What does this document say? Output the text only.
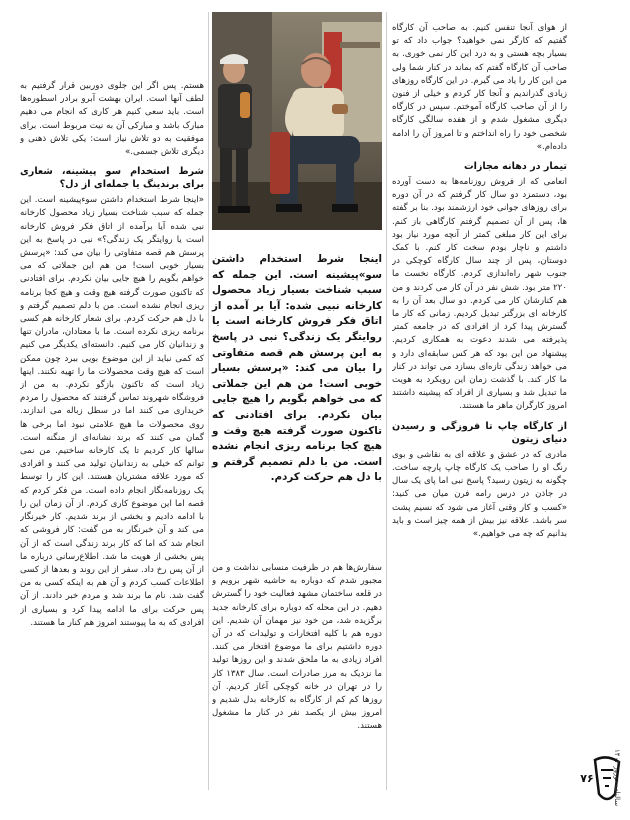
اینجا شرط استخدام داشتن سو»پیشینه است. این جمله که سبب شناخت بسیار زیاد محصول کارخانه نبیی شده: آیا بر آمده از اتاق فکر فروش کارخانه است یا روایتگر یک زندگی؟ نبی در پاسخ به این پرسش هم قصه متفاوتی را بیان می کند: «پرسش بسیار خوبی است! من هم این جملاتی که می خواهم بگویم را هیچ جایی بیان نکردم. برای افتادنی که تاکنون صورت گرفته هیچ وقت و هیچ کجا برنامه ریزی انجام نشده است. من با دلم تصمیم گرفتم و با دل هم حرکت کردم.

هستم. پس اگر این جلوی دوربین قرار گرفتیم به لطف آنها است. ایران بهشت آبرو برادر اسطوره‌ها است. باید سعی کنیم هر کاری که انجام می دهیم مبارک باشد و مبارکی آن به نیت مربوط است. برای موفقیت به دو تلاش نیاز است: یکی تلاش ذهنی و دیگری تلاش جسمی.»

شرط استخدام سو پیشینه، شعاری برای برندینگ یا جمله‌ای از دل؟

«اینجا شرط استخدام داشتن سوءپیشینه است. این جمله که سبب شناخت بسیار زیاد محصول کارخانه نبی شده آیا برآمده از اتاق فکر فروش کارخانه است یا روایتگر یک زندگی؟» نبی در پاسخ به این پرسش هم قصه متفاوتی را بیان می کند: «پرسش بسیار خوبی است! من هم این جملاتی که می خواهم بگویم را هیچ جایی بیان نکردم. برای افتادنی که تاکنون صورت گرفته هیچ وقت و هیچ کجا برنامه ریزی انجام نشده است. من با دلم تصمیم گرفتم و با دل هم حرکت کردم. برای شعار کارخانه هم کسی برنامه ریزی نکرده است. ما با معتادان، مادران تنها و زندانیان کار می کنیم. دانسته‌ای یکدیگر می کنیم که کمی نباید از این موضوع بویی ببرد چون ممکن است که هیچ وقت محصولات ما را تهیه نکنند. اینها زیاد است که تاکنون بازگو نکردم. به من از فروشگاه شهروند تماس گرفتند که محصول را مردم خریداری می کنند اما در سطل زباله می اندازند. روی محصولات ما هیچ علامتی نبود اما برخی ها گمان می کنند که برند نشانه‌ای از منگنه است. سالها کار کردیم تا یک کارخانه ساختیم. من نمی توانم که خیلی به زندانیان تولید می کنند و افرادی که مورد علاقه مشتریان هستند. این کار را توسط یک روزنامه‌نگار انجام داده است. من فکر کردم که قصه اما این موضوع کاری کردم. از آن زمان این را با ادامه دادیم و بخشی از برند شدیم. کار خیرنگار می کند و آن خبرنگار به من گفت: کار فروشی که انجام شد که اما که کار برند زندگی است که از آن پس بخشی از هویت ما شد. اطلاع‌رسانی درباره ما از آن پس رخ داد. سفر از این روند و بعدها از کسی اطلاعات کسب کردم و آن هم به اینکه کسی به من گفت شد. نام ما برند شد و مردم خبر دادند. از آن پس حرکت برای ما ادامه پیدا کرد و بسیاری از افرادی که به ما پیوستند امروز هم کنار ما هستند.

سفارش‌ها هم در ظرفیت منسابی نداشت و من مجبور شدم که دوباره به حاشیه شهر برویم و در قلعه ساختمان مشهد فعالیت خود را گسترش دهیم. در این محله که دوباره برای کارخانه جدید برگزیده شد، من خود نیز مهمان آن شدیم. این دوره هم با کلیه افتخارات و تولیدات که در آن دوره داشتیم برای ما موضوع افتخار می کنند. افراد زیادی به ما ملحق شدند و این روزها تولید ما نزدیک به مرز صادرات است. سال ۱۳۸۳ کار را در تهران در خانه کوچکی آغاز کردیم. آن روزها کم کم از کارگاه به کارخانه بدل شدیم و امروز بیش از یکصد نفر در کنار ما مشغول هستند.

از هوای آنجا تنفس کنیم. به صاحب آن کارگاه گفتیم که کارگر نمی خواهید؟ جواب داد که تو بسیار بچه هستی و به درد این کار نمی خوری. به صاحب آن کارگاه گفتم که بماند در کنار شما ولی من این کار را یاد می گیرم. در این کارگاه روزهای زیادی گذراندیم و آنجا کار کردم و خیلی از فنون را از آن صاحب کارگاه آموختم. سپس در کارگاه دیگری مشغول شدم و از هفده سالگی کارگاه شخصی خود را راه انداختم و تا امروز آن را ادامه داده‌ام.»

تیمار در دهانه مجازات

انعامی که از فروش روزنامه‌ها به دست آورده بود، دستمزد دو سال کار گرفتم که در آن دوره برای روزهای جوانی خود ارزشمند بود. بنا بر گفته ها، پس از آن تصمیم گرفتم کارگاهی باز کنم. برای این کار مبلغی کمتر از آنچه مورد نیاز بود داشتم و ناچار بودم سخت کار کنم. با کمک دوستان، پس از چند سال کارگاه کوچکی در جنوب شهر راه‌اندازی کردم. کارگاه نخست ما ۲۲۰ متر بود. شش نفر در آن کار می کردند و من هم کنارشان کار می کردم. دو سال بعد آن را به کارخانه ای بزرگتر تبدیل کردیم. زمانی که کار ما گسترش پیدا کرد از افرادی که در جامعه کمتر پذیرفته می شدند دعوت به همکاری کردیم. پیشنهاد من این بود که هر کس سابقه‌ای دارد و می خواهد زندگی تازه‌ای بسازد می تواند در کنار ما کار کند. با گذشت زمان این رویکرد به هویت ما تبدیل شد و بسیاری از افراد که پیشینه داشتند امروز کارگران ماهر ما هستند.

از کارگاه چاپ تا فروزگی و رسیدن دنیای زیتون

مادری که در عشق و علاقه ای به نقاشی و بوی رنگ او را صاحب یک کارگاه چاپ پارچه ساخت. چگونه به زیتون رسید؟ پاسخ نبی اما پای یک سال در جاذن در درس رامه فرن میان می کنید: «کسب و کار وقتی آغاز می شود که نسیم پشت سر باشد. علاقه نیز بیش از همه چیز است و باید بدانیم که چه می خواهیم.»

۷۶
سالنامه نوروز ۱۴۰۲
